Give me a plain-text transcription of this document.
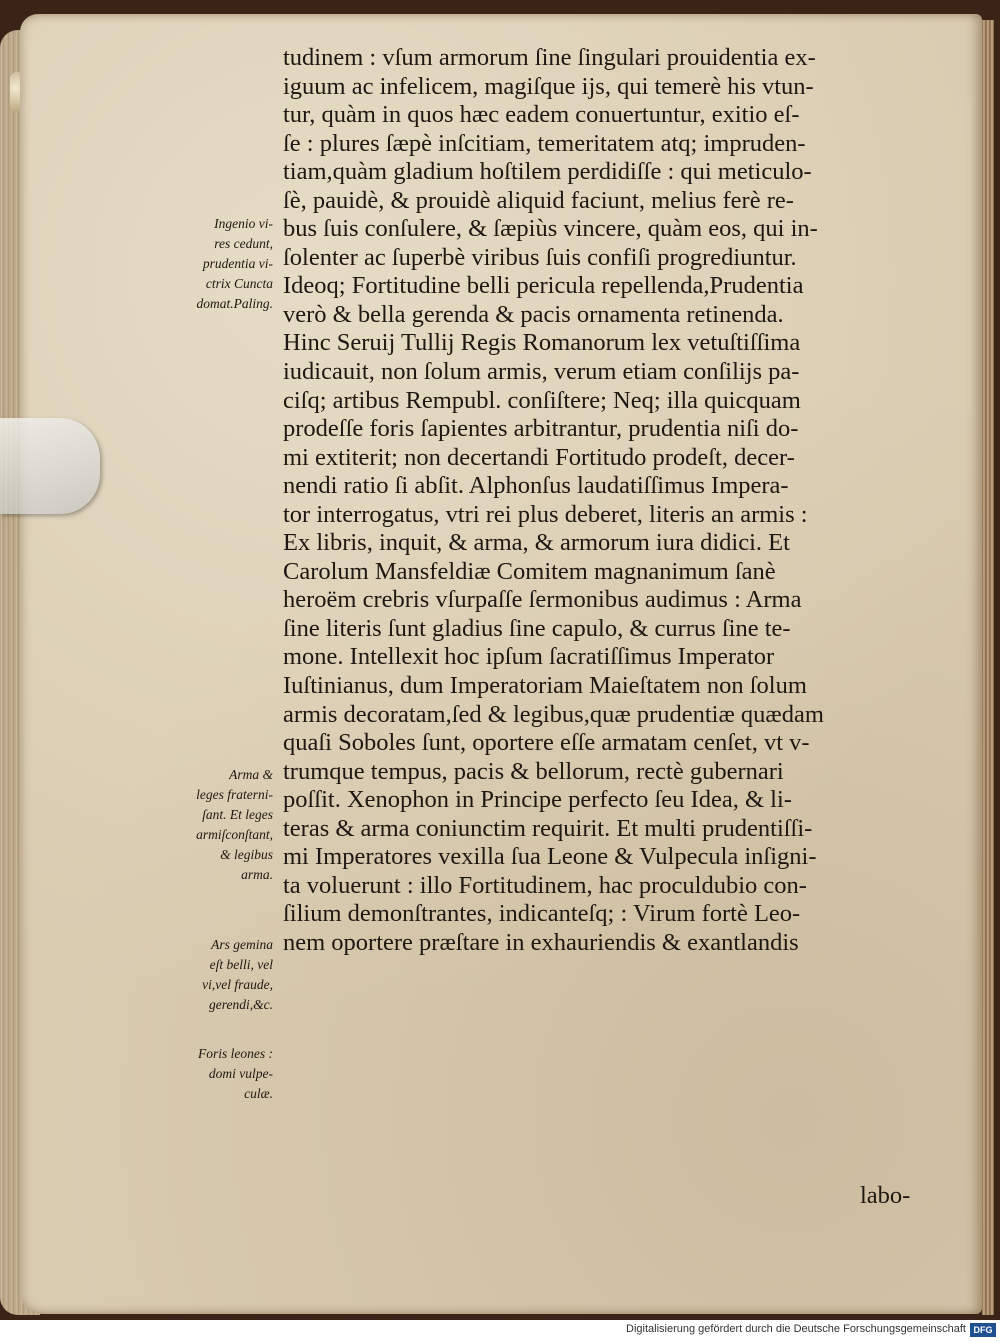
tudinem : vſum armorum ſine ſingulari prouidentia ex-
iguum ac infelicem, magiſque ijs, qui temerè his vtun-
tur, quàm in quos hæc eadem conuertuntur, exitio eſ-
ſe : plures ſæpè inſcitiam, temeritatem atq; impruden-
tiam,quàm gladium hoſtilem perdidiſſe : qui meticulo-
ſè, pauidè, & prouidè aliquid faciunt, melius ferè re-
bus ſuis conſulere, & ſæpiùs vincere, quàm eos, qui in-
ſolenter ac ſuperbè viribus ſuis confiſi progrediuntur.
Ideoq; Fortitudine belli pericula repellenda,Prudentia
verò & bella gerenda & pacis ornamenta retinenda.
Hinc Seruij Tullij Regis Romanorum lex vetuſtiſſima
iudicauit, non ſolum armis, verum etiam conſilijs pa-
ciſq; artibus Rempubl. conſiſtere; Neq; illa quicquam
prodeſſe foris ſapientes arbitrantur, prudentia niſi do-
mi extiterit; non decertandi Fortitudo prodeſt, decer-
nendi ratio ſi abſit. Alphonſus laudatiſſimus Impera-
tor interrogatus, vtri rei plus deberet, literis an armis :
Ex libris, inquit, & arma, & armorum iura didici. Et
Carolum Mansfeldiæ Comitem magnanimum ſanè
heroëm crebris vſurpaſſe ſermonibus audimus : Arma
ſine literis ſunt gladius ſine capulo, & currus ſine te-
mone. Intellexit hoc ipſum ſacratiſſimus Imperator
Iuſtinianus, dum Imperatoriam Maieſtatem non ſolum
armis decoratam,ſed & legibus,quæ prudentiæ quædam
quaſi Soboles ſunt, oportere eſſe armatam cenſet, vt v-
trumque tempus, pacis & bellorum, rectè gubernari
poſſit. Xenophon in Principe perfecto ſeu Idea, & li-
teras & arma coniunctim requirit. Et multi prudentiſſi-
mi Imperatores vexilla ſua Leone & Vulpecula inſigni-
ta voluerunt : illo Fortitudinem, hac proculdubio con-
ſilium demonſtrantes, indicanteſq; : Virum fortè Leo-
nem oportere præſtare in exhauriendis & exantlandis
labo-
Ingenio vi-
res cedunt,
prudentia vi-
ctrix Cuncta
domat.Paling.
Arma &
leges fraterni-
ſant. Et leges
armiſconſtant,
& legibus
arma.
Ars gemina
eſt belli, vel
vi,vel fraude,
gerendi,&c.
Foris leones :
domi vulpe-
culæ.
Digitalisierung gefördert durch die Deutsche Forschungsgemeinschaft DFG
